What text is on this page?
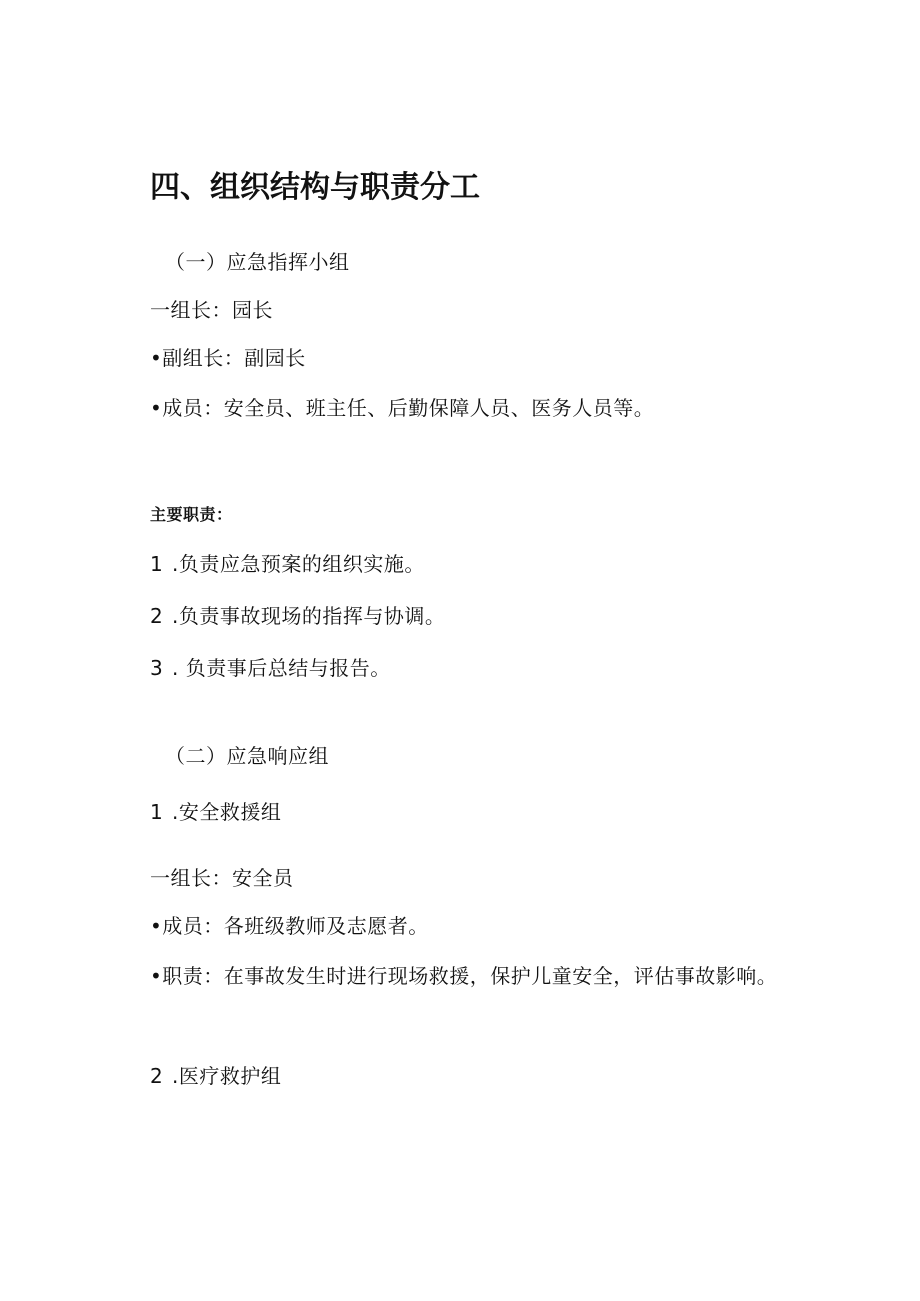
四、组织结构与职责分工
（一）应急指挥小组
一组长：园长
•副组长：副园长
•成员：安全员、班主任、后勤保障人员、医务人员等。
主要职责：
1 .负责应急预案的组织实施。
2 .负责事故现场的指挥与协调。
3 . 负责事后总结与报告。
（二）应急响应组
1 .安全救援组
一组长：安全员
•成员：各班级教师及志愿者。
•职责：在事故发生时进行现场救援，保护儿童安全，评估事故影响。
2 .医疗救护组
